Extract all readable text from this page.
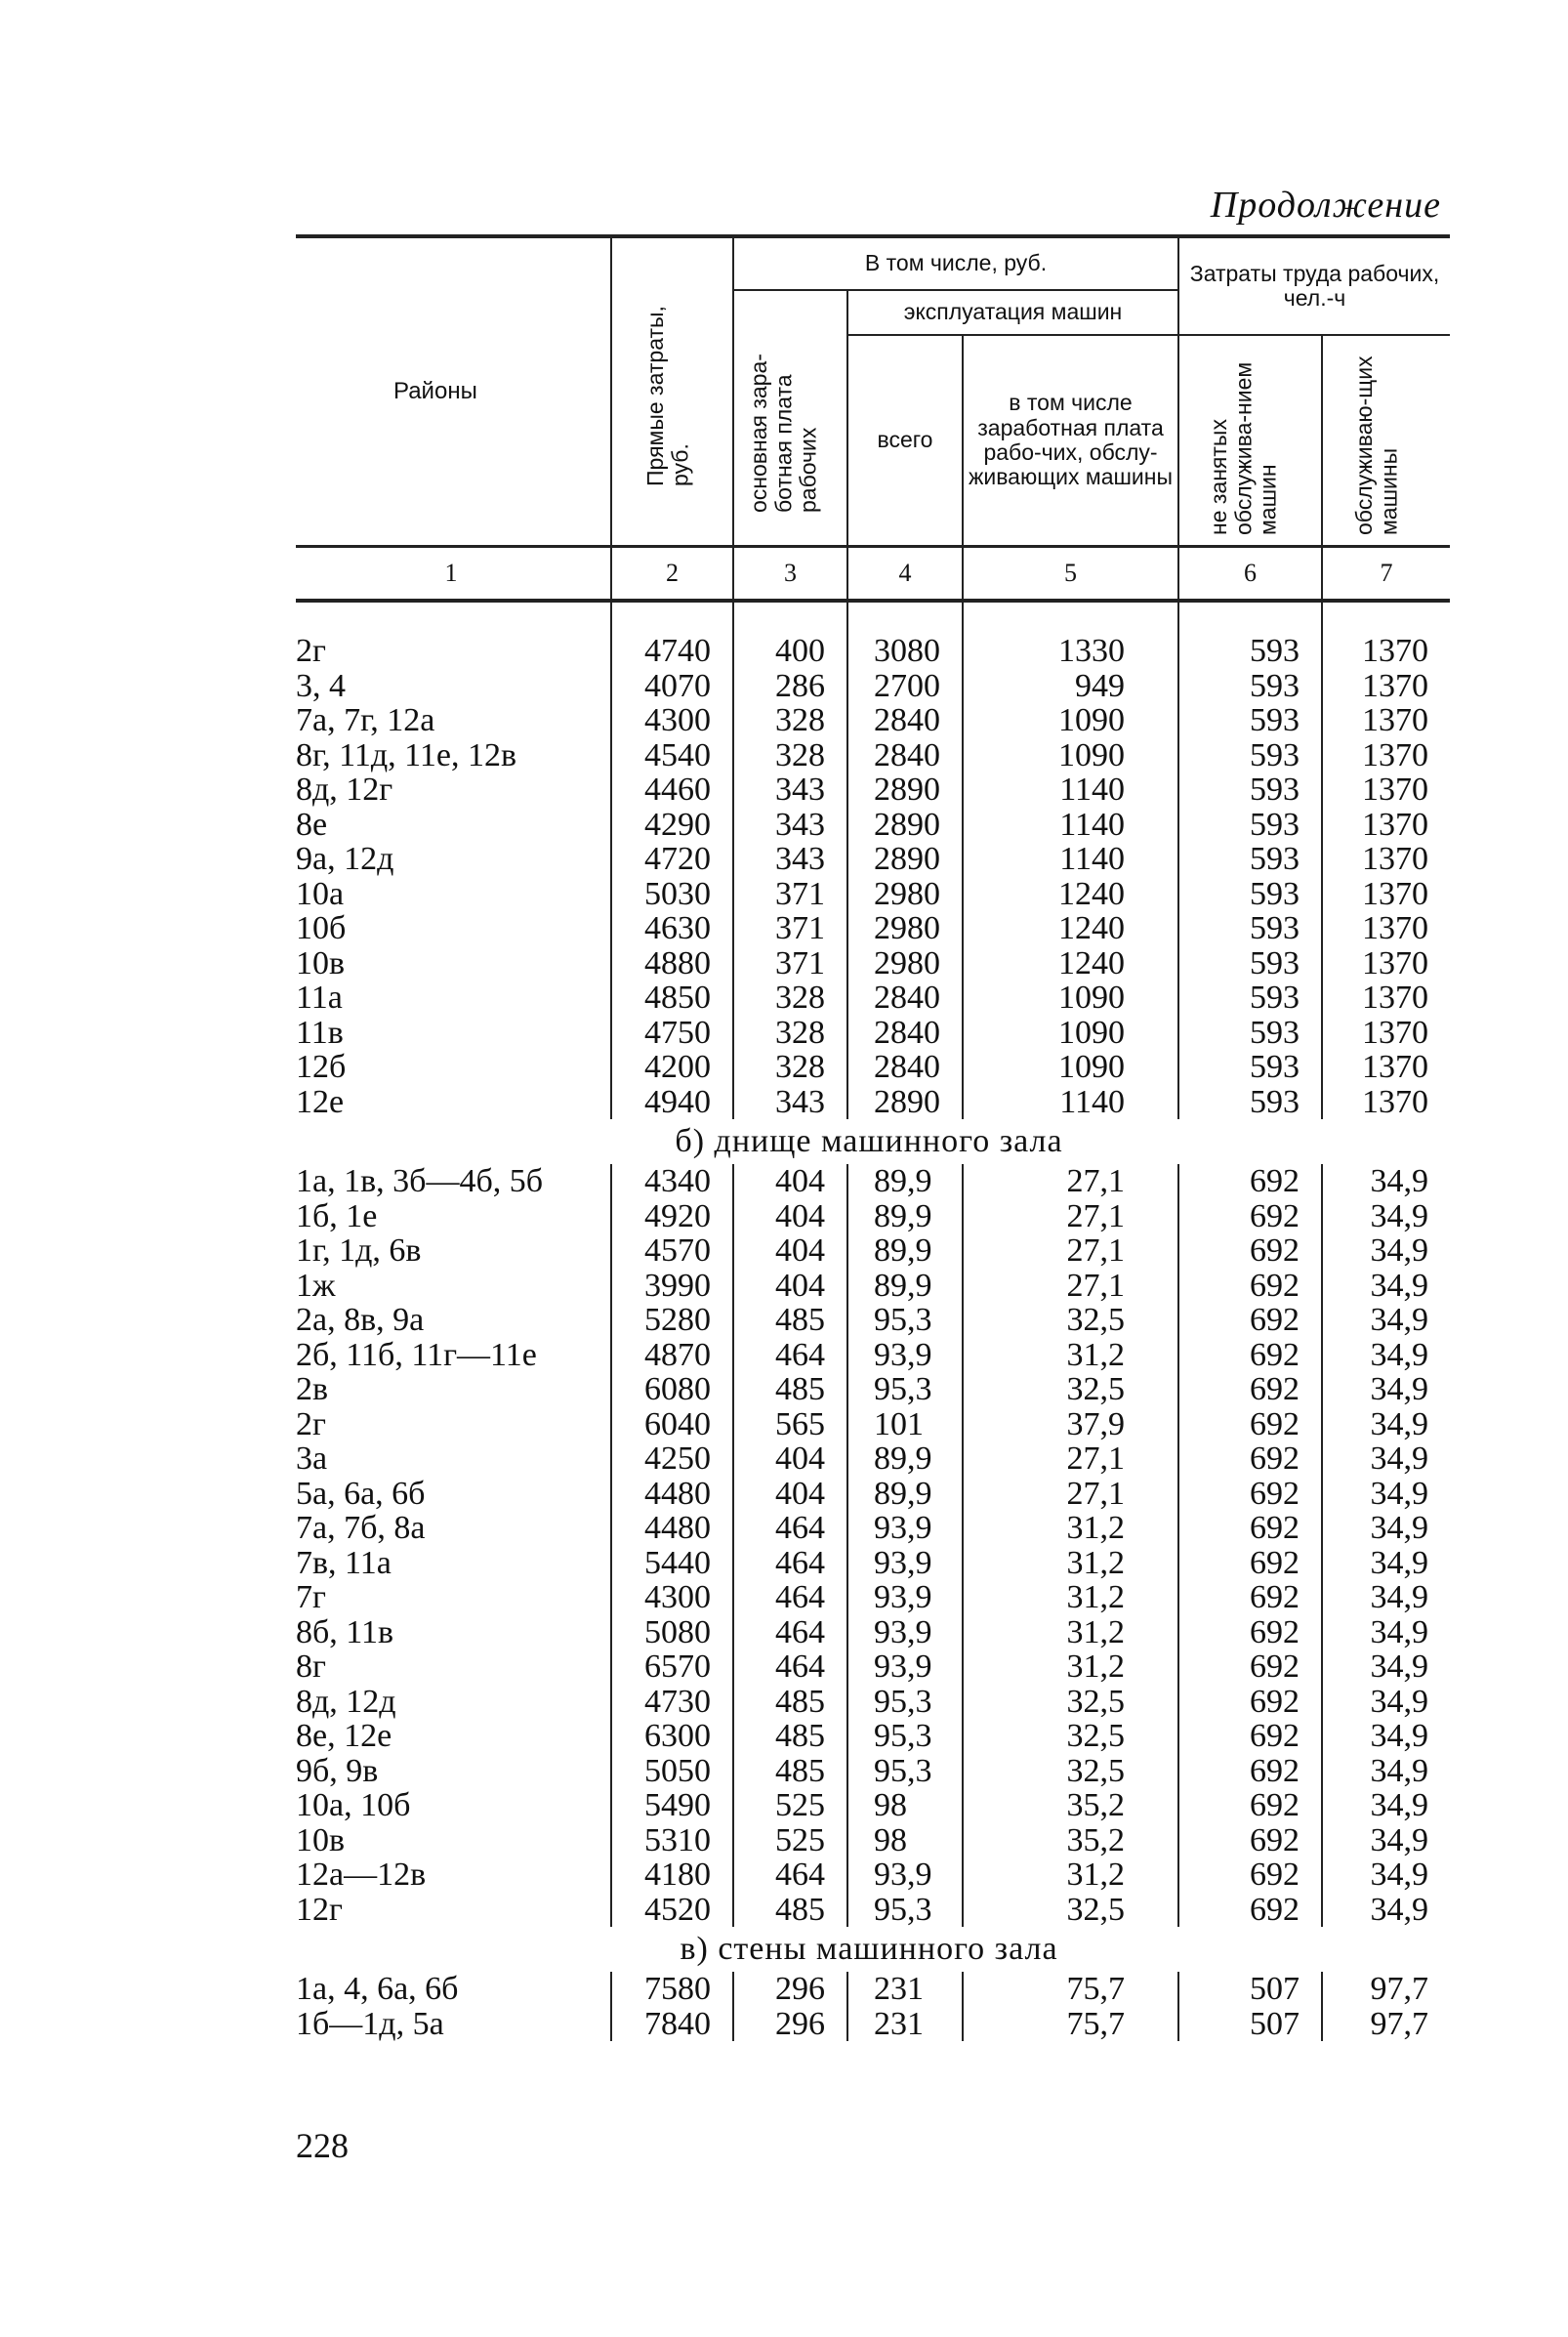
Продолжение
Районы	Прямые затраты, руб.	В том числе, руб.			Затраты труда рабочих, чел.-ч	
		основная зара-ботная плата рабочих	эксплуатация машин			
			всего	в том числе заработная плата рабо-чих, обслу-живающих машины	не занятых обслужива-нием машин	обслуживаю-щих машины
1	2	3	4	5	6	7

2г	4740	400	3080	1330	593	1370
3, 4	4070	286	2700	949	593	1370
7а, 7г, 12а	4300	328	2840	1090	593	1370
8г, 11д, 11е, 12в	4540	328	2840	1090	593	1370
8д, 12г	4460	343	2890	1140	593	1370
8е	4290	343	2890	1140	593	1370
9а, 12д	4720	343	2890	1140	593	1370
10а	5030	371	2980	1240	593	1370
10б	4630	371	2980	1240	593	1370
10в	4880	371	2980	1240	593	1370
11а	4850	328	2840	1090	593	1370
11в	4750	328	2840	1090	593	1370
12б	4200	328	2840	1090	593	1370
12е	4940	343	2890	1140	593	1370
б) днище машинного зала						
1а, 1в, 3б—4б, 5б	4340	404	89,9	27,1	692	34,9
1б, 1е	4920	404	89,9	27,1	692	34,9
1г, 1д, 6в	4570	404	89,9	27,1	692	34,9
1ж	3990	404	89,9	27,1	692	34,9
2а, 8в, 9а	5280	485	95,3	32,5	692	34,9
2б, 11б, 11г—11е	4870	464	93,9	31,2	692	34,9
2в	6080	485	95,3	32,5	692	34,9
2г	6040	565	101	37,9	692	34,9
3а	4250	404	89,9	27,1	692	34,9
5а, 6а, 6б	4480	404	89,9	27,1	692	34,9
7а, 7б, 8а	4480	464	93,9	31,2	692	34,9
7в, 11а	5440	464	93,9	31,2	692	34,9
7г	4300	464	93,9	31,2	692	34,9
8б, 11в	5080	464	93,9	31,2	692	34,9
8г	6570	464	93,9	31,2	692	34,9
8д, 12д	4730	485	95,3	32,5	692	34,9
8е, 12е	6300	485	95,3	32,5	692	34,9
9б, 9в	5050	485	95,3	32,5	692	34,9
10а, 10б	5490	525	98	35,2	692	34,9
10в	5310	525	98	35,2	692	34,9
12а—12в	4180	464	93,9	31,2	692	34,9
12г	4520	485	95,3	32,5	692	34,9
в) стены машинного зала						
1а, 4, 6а, 6б	7580	296	231	75,7	507	97,7
1б—1д, 5а	7840	296	231	75,7	507	97,7
228
